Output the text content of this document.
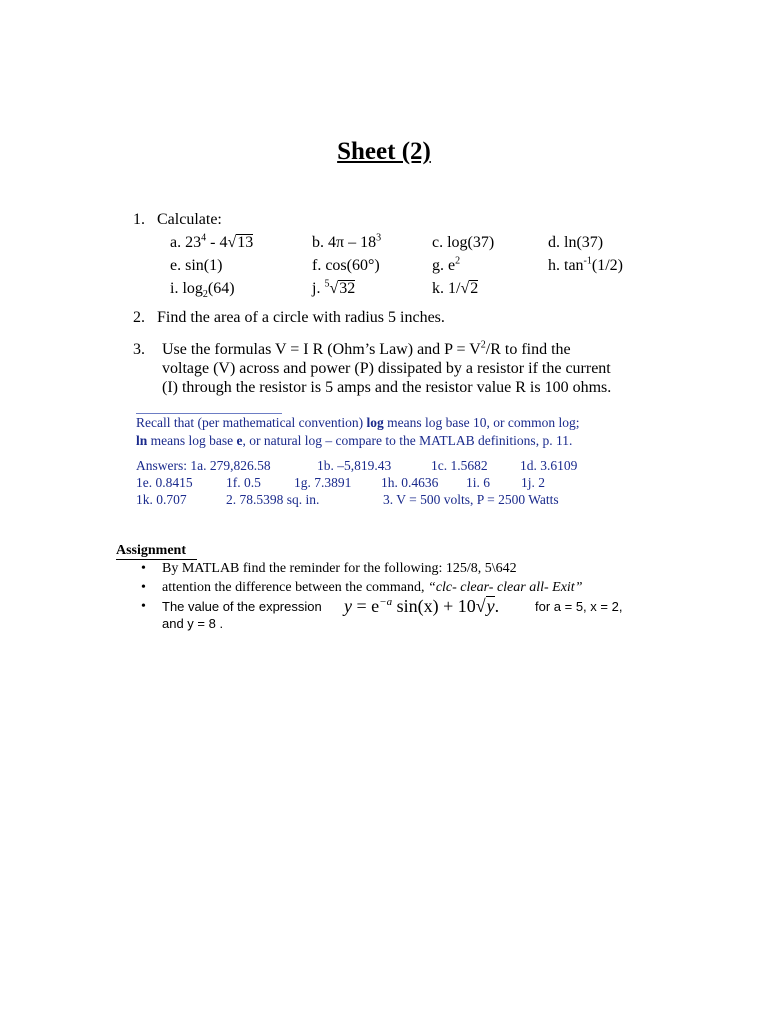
Sheet (2)
1. Calculate:
a. $23^4 - 4√13$	b. $4\pi - 18^3$	c. log(37)	d. ln(37)
e. sin(1)	f. cos(60°)	g. $e^2$	h. $\tan^{-1}(1/2)$
i. $\log_2(64)$	j. $^5$√32	k. 1/√2
2. Find the area of a circle with radius 5 inches.
3. Use the formulas V = I R (Ohm’s Law) and $P = V^2/R$ to find the
voltage (V) across and power (P) dissipated by a resistor if the current
(I) through the resistor is 5 amps and the resistor value R is 100 ohms.
Recall that (per mathematical convention) log means log base 10, or common log;
ln means log base e, or natural log – compare to the MATLAB definitions, p. 11.
Answers: 1a. 279,826.58	1b. –5,819.43	1c. 1.5682 1d. 3.6109
1e. 0.8415 1f. 0.5 1g. 7.3891 1h. 0.4636 1i. 6 1j. 2
1k. 0.707	2. 78.5398 sq. in.	3. V = 500 volts, P = 2500 Watts
Assignment
• By MATLAB find the reminder for the following: 125/8, 5\642
• attention the difference between the command, “clc- clear- clear all- Exit”
• The value of the expression $y = e^{-a}$ sin(x) + 10√y.	for a = 5, x = 2,
and y = 8 .
